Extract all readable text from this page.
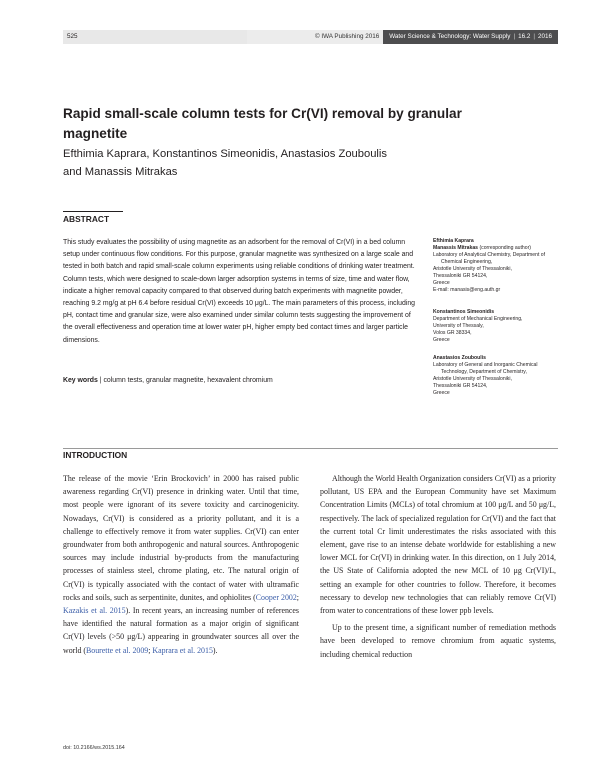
525	© IWA Publishing 2016	Water Science & Technology: Water Supply | 16.2 | 2016
Rapid small-scale column tests for Cr(VI) removal by granular magnetite
Efthimia Kaprara, Konstantinos Simeonidis, Anastasios Zouboulis
and Manassis Mitrakas
ABSTRACT
This study evaluates the possibility of using magnetite as an adsorbent for the removal of Cr(VI) in a bed column setup under continuous flow conditions. For this purpose, granular magnetite was synthesized on a large scale and tested in both batch and rapid small-scale column experiments using reliable conditions of drinking water treatment. Column tests, which were designed to scale-down larger adsorption systems in terms of size, time and water flow, indicate a higher removal capacity compared to that observed during batch experiments with magnetite powder, reaching 9.2 mg/g at pH 6.4 before residual Cr(VI) exceeds 10 μg/L. The main parameters of this process, including pH, contact time and granular size, were also examined under similar column tests suggesting the improvement of the overall effectiveness and operation time at lower water pH, higher empty bed contact times and larger particle dimensions.
Key words | column tests, granular magnetite, hexavalent chromium
Efthimia Kaprara
Manassis Mitrakas (corresponding author)
Laboratory of Analytical Chemistry, Department of
Chemical Engineering,
Aristotle University of Thessaloniki,
Thessaloniki GR 54124,
Greece
E-mail: manasis@eng.auth.gr
Konstantinos Simeonidis
Department of Mechanical Engineering,
University of Thessaly,
Volos GR 38334,
Greece
Anastasios Zouboulis
Laboratory of General and Inorganic Chemical
Technology, Department of Chemistry,
Aristotle University of Thessaloniki,
Thessaloniki GR 54124,
Greece
INTRODUCTION

The release of the movie ‘Erin Brockovich’ in 2000 has raised public awareness regarding Cr(VI) presence in drinking water. Until that time, most people were ignorant of its severe toxicity and carcinogenicity. Nowadays, Cr(VI) is considered as a priority pollutant, and it is a challenge to effectively remove it from water supplies. Cr(VI) can enter groundwater from both anthropogenic and natural sources. Anthropogenic sources may include industrial by-products from the manufacturing processes of stainless steel, chrome plating, etc. The natural origin of Cr(VI) is typically associated with the contact of water with ultramafic rocks and soils, such as serpentinite, dunites, and ophiolites (Cooper 2002; Kazakis et al. 2015). In recent years, an increasing number of references have identified the natural formation as a major origin of significant Cr(VI) levels (>50 μg/L) appearing in groundwater sources all over the world (Bourette et al. 2009; Kaprara et al. 2015).

Although the World Health Organization considers Cr(VI) as a priority pollutant, US EPA and the European Community have set Maximum Concentration Limits (MCLs) of total chromium at 100 μg/L and 50 μg/L, respectively. The lack of specialized regulation for Cr(VI) and the fact that the current total Cr limit underestimates the risks associated with this element, gave rise to an intense debate worldwide for establishing a new lower MCL for Cr(VI) in drinking water. In this direction, on 1 July 2014, the US State of California adopted the new MCL of 10 μg Cr(VI)/L, setting an example for other countries to follow. Therefore, it becomes necessary to develop new technologies that can reliably remove Cr(VI) from water to concentrations of these lower ppb levels.

Up to the present time, a significant number of remediation methods have been developed to remove chromium from aquatic systems, including chemical reduction

doi: 10.2166/ws.2015.164
